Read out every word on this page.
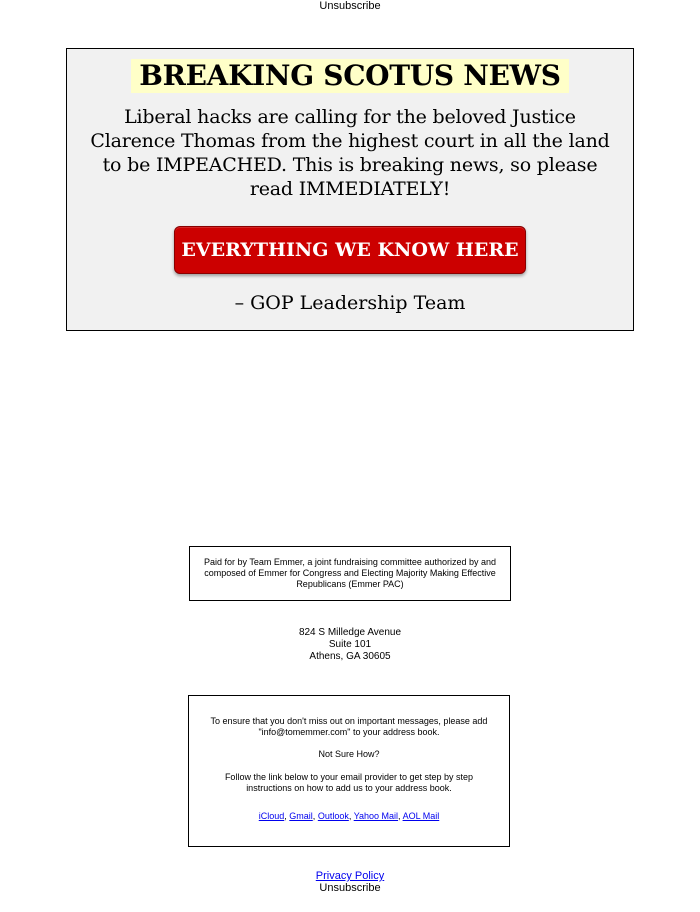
Unsubscribe
BREAKING SCOTUS NEWS
Liberal hacks are calling for the beloved Justice Clarence Thomas from the highest court in all the land to be IMPEACHED. This is breaking news, so please read IMMEDIATELY!
EVERYTHING WE KNOW HERE
– GOP Leadership Team
Paid for by Team Emmer, a joint fundraising committee authorized by and composed of Emmer for Congress and Electing Majority Making Effective Republicans (Emmer PAC)
824 S Milledge Avenue
Suite 101
Athens, GA 30605

To ensure that you don't miss out on important messages, please add "info@tomemmer.com" to your address book.

Not Sure How?

Follow the link below to your email provider to get step by step instructions on how to add us to your address book.

iCloud, Gmail, Outlook, Yahoo Mail, AOL Mail

Privacy Policy
Unsubscribe
